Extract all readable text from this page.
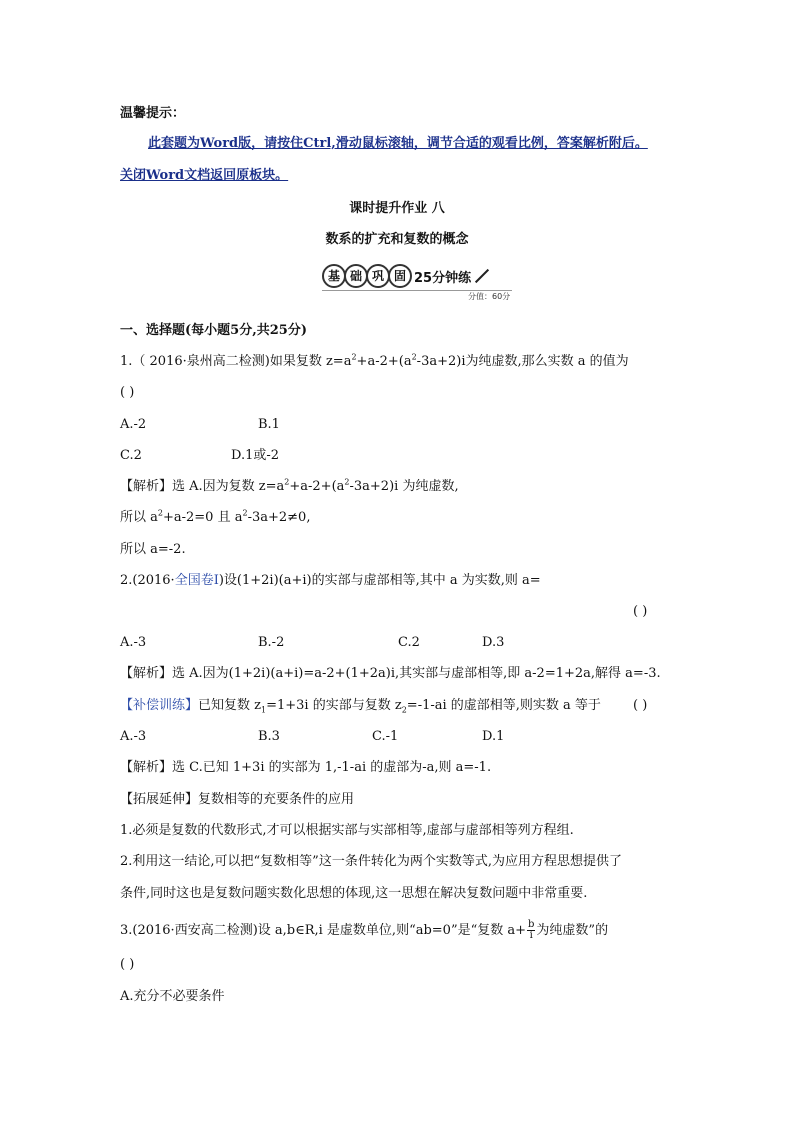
温馨提示：
此套题为Word版，请按住Ctrl,滑动鼠标滚轴，调节合适的观看比例，答案解析附后。
关闭Word文档返回原板块。
课时提升作业 八
数系的扩充和复数的概念
基 础 巩 固 25分钟练
分值：60分
一、选择题(每小题5分,共25分)
1.（ 2016·泉州高二检测)如果复数 $z=a^2+a-2+(a^2-3a+2)i$为纯虚数,那么实数 a 的值为
( )
A.-2	B.1
C.2	D.1或-2
【解析】选 A.因为复数 $z=a^2+a-2+(a^2-3a+2)i$ 为纯虚数,
所以 $a^2+a-2=0$ 且 $a^2-3a+2\ne 0$,
所以 a=-2.
2.(2016·全国卷Ⅰ)设(1+2i)(a+i)的实部与虚部相等,其中 a 为实数,则 a=
( )
A.-3	B.-2	C.2	D.3
【解析】选 A.因为(1+2i)(a+i)=a-2+(1+2a)i,其实部与虚部相等,即 a-2=1+2a,解得 a=-3.
【补偿训练】已知复数 $z_1=1+3i$ 的实部与复数 $z_2=-1-ai$ 的虚部相等,则实数 a 等于 ( )
A.-3	B.3	C.-1	D.1
【解析】选 C.已知 1+3i 的实部为 1,-1-ai 的虚部为-a,则 a=-1.
【拓展延伸】复数相等的充要条件的应用
1.必须是复数的代数形式,才可以根据实部与实部相等,虚部与虚部相等列方程组.
2.利用这一结论,可以把“复数相等”这一条件转化为两个实数等式,为应用方程思想提供了
条件,同时这也是复数问题实数化思想的体现,这一思想在解决复数问题中非常重要.
3.(2016·西安高二检测)设 a,b∈R,i 是虚数单位,则“ab=0”是“复数 $a+ \frac{b}{i}$ 为纯虚数”的
( )
A.充分不必要条件
